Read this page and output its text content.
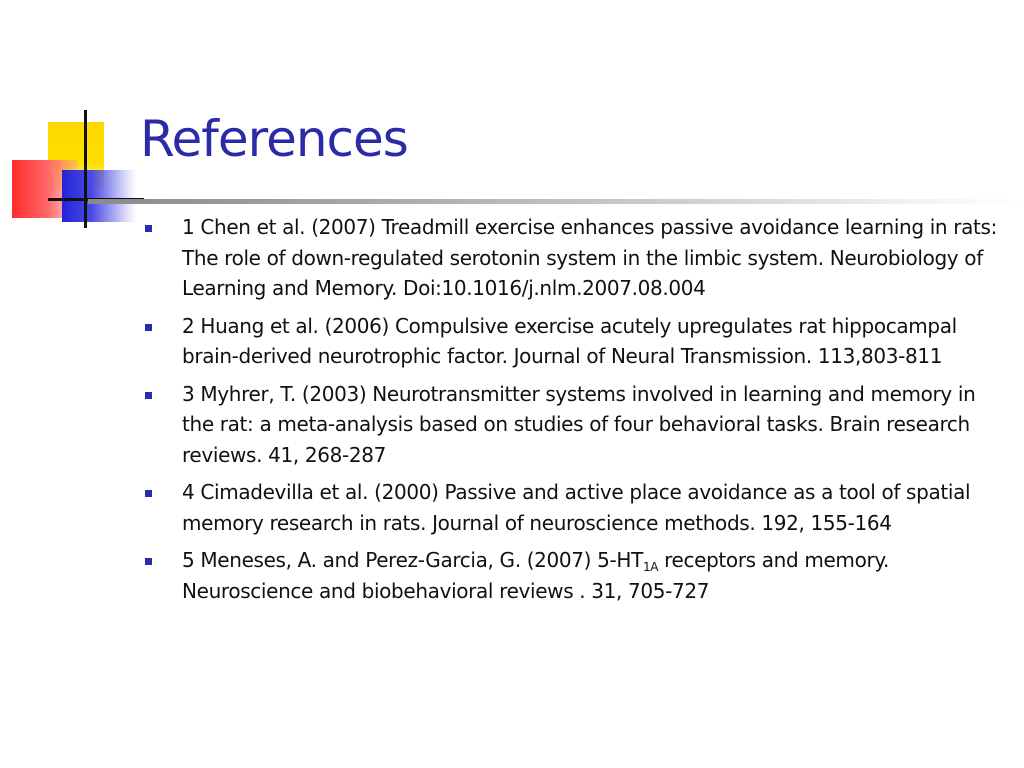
References
1 Chen et al. (2007) Treadmill exercise enhances passive avoidance learning in rats: The role of down-regulated serotonin system in the limbic system. Neurobiology of Learning and Memory. Doi:10.1016/j.nlm.2007.08.004
2 Huang et al. (2006) Compulsive exercise acutely upregulates rat hippocampal brain-derived neurotrophic factor. Journal of Neural Transmission. 113,803-811
3 Myhrer, T. (2003) Neurotransmitter systems involved in learning and memory in the rat: a meta-analysis based on studies of four behavioral tasks. Brain research reviews. 41, 268-287
4 Cimadevilla et al. (2000) Passive and active place avoidance as a tool of spatial memory research in rats. Journal of neuroscience methods. 192, 155-164
5 Meneses, A. and Perez-Garcia, G. (2007) $5-HT_{1A}$ receptors and memory. Neuroscience and biobehavioral reviews . 31, 705-727
